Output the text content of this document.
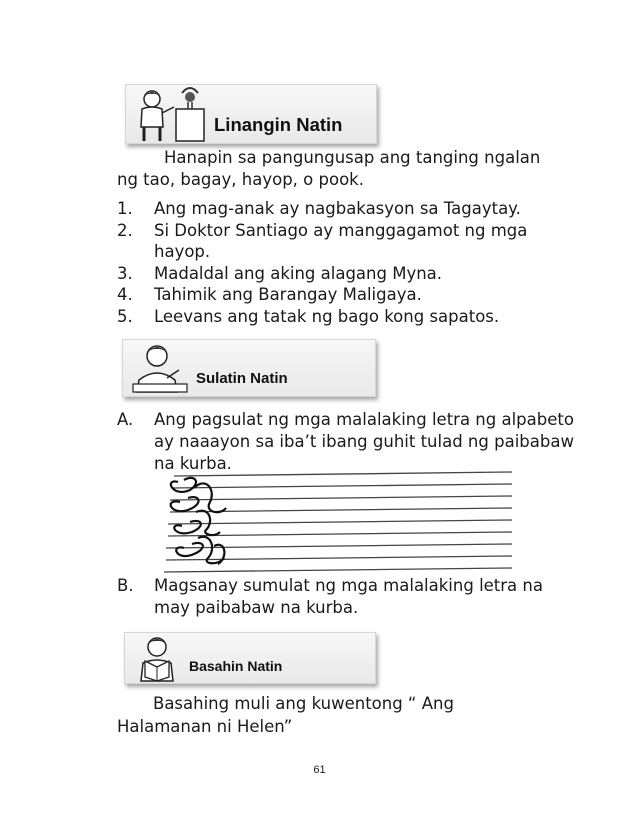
Linangin Natin
Hanapin sa pangungusap ang tanging ngalan
ng tao, bagay, hayop, o pook.
1. Ang mag-anak ay nagbakasyon sa Tagaytay.
2. Si Doktor Santiago ay manggagamot ng mga hayop.
3. Madaldal ang aking alagang Myna.
4. Tahimik ang Barangay Maligaya.
5. Leevans ang tatak ng bago kong sapatos.
Sulatin Natin
A. Ang pagsulat ng mga malalaking letra ng alpabeto ay naaayon sa iba’t ibang guhit tulad ng paibabaw na kurba.
B. Magsanay sumulat ng mga malalaking letra na may paibabaw na kurba.
Basahin Natin
Basahing muli ang kuwentong “ Ang
Halamanan ni Helen”
61
